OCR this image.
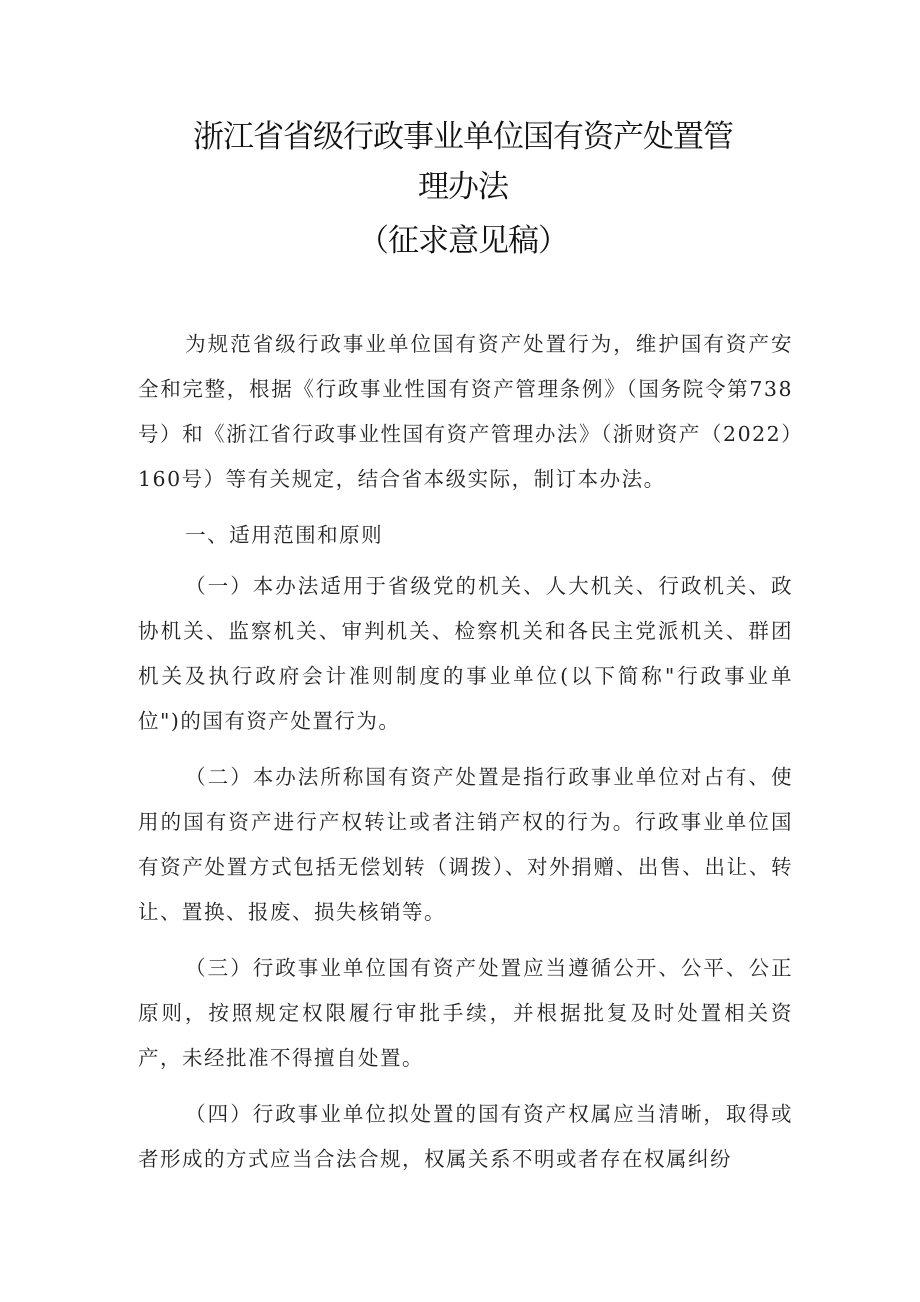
浙江省省级行政事业单位国有资产处置管
理办法
（征求意见稿）

为规范省级行政事业单位国有资产处置行为，维护国有资产安全和完整，根据《行政事业性国有资产管理条例》（国务院令第738号）和《浙江省行政事业性国有资产管理办法》（浙财资产（2022）160号）等有关规定，结合省本级实际，制订本办法。

一、适用范围和原则

（一）本办法适用于省级党的机关、人大机关、行政机关、政协机关、监察机关、审判机关、检察机关和各民主党派机关、群团机关及执行政府会计准则制度的事业单位(以下简称"行政事业单位")的国有资产处置行为。

（二）本办法所称国有资产处置是指行政事业单位对占有、使用的国有资产进行产权转让或者注销产权的行为。行政事业单位国有资产处置方式包括无偿划转（调拨）、对外捐赠、出售、出让、转让、置换、报废、损失核销等。

（三）行政事业单位国有资产处置应当遵循公开、公平、公正原则，按照规定权限履行审批手续，并根据批复及时处置相关资产，未经批准不得擅自处置。

（四）行政事业单位拟处置的国有资产权属应当清晰，取得或者形成的方式应当合法合规，权属关系不明或者存在权属纠纷
